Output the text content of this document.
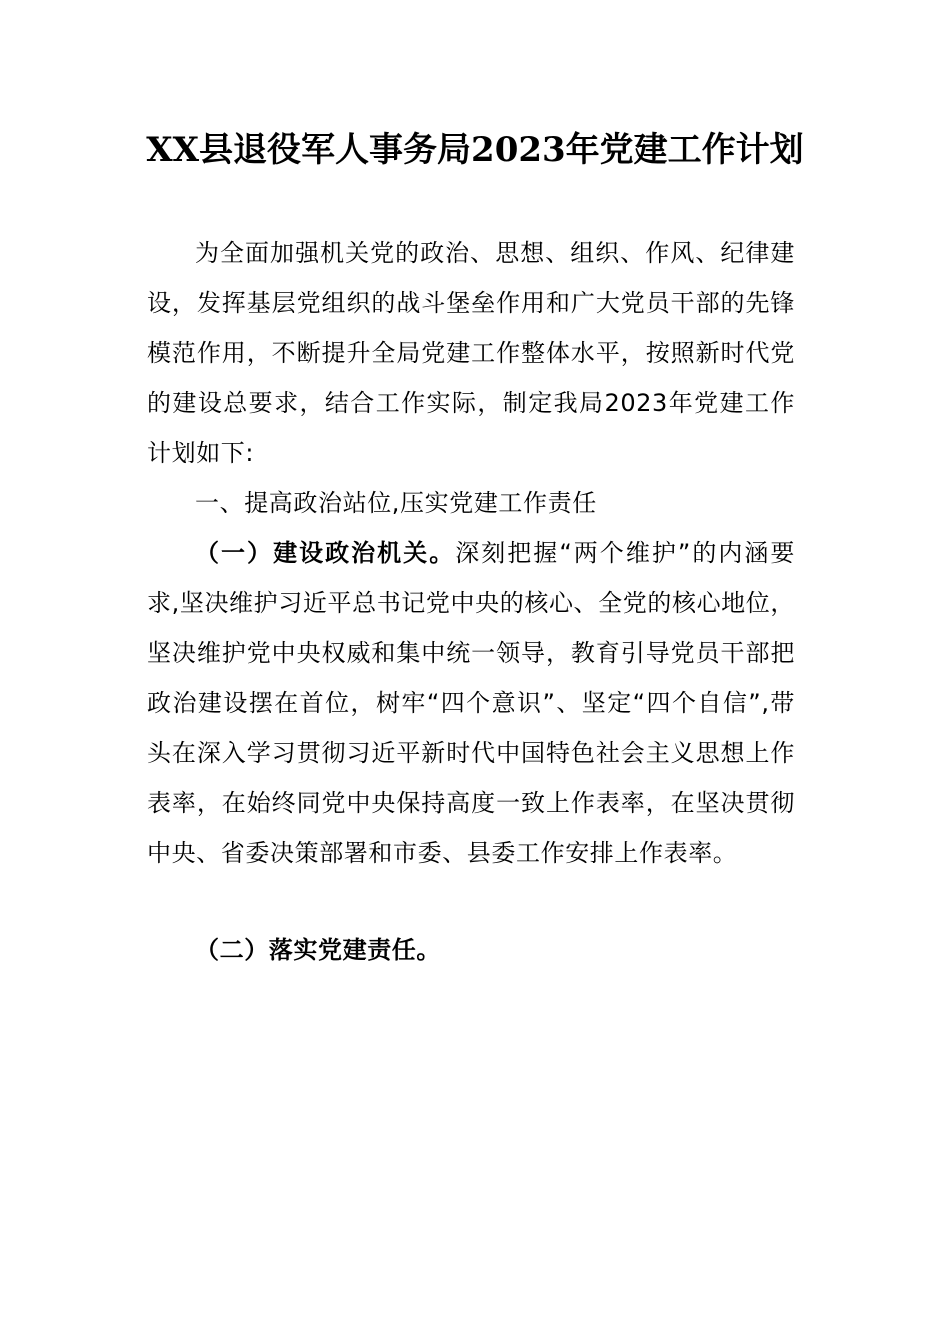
XX县退役军人事务局2023年党建工作计划

为全面加强机关党的政治、思想、组织、作风、纪律建设，发挥基层党组织的战斗堡垒作用和广大党员干部的先锋模范作用，不断提升全局党建工作整体水平，按照新时代党的建设总要求，结合工作实际，制定我局2023年党建工作计划如下:

一、提高政治站位,压实党建工作责任

（一）建设政治机关。深刻把握“两个维护”的内涵要求,坚决维护习近平总书记党中央的核心、全党的核心地位，坚决维护党中央权威和集中统一领导，教育引导党员干部把政治建设摆在首位，树牢“四个意识”、坚定“四个自信”,带头在深入学习贯彻习近平新时代中国特色社会主义思想上作表率，在始终同党中央保持高度一致上作表率，在坚决贯彻中央、省委决策部署和市委、县委工作安排上作表率。

（二）落实党建责任。
